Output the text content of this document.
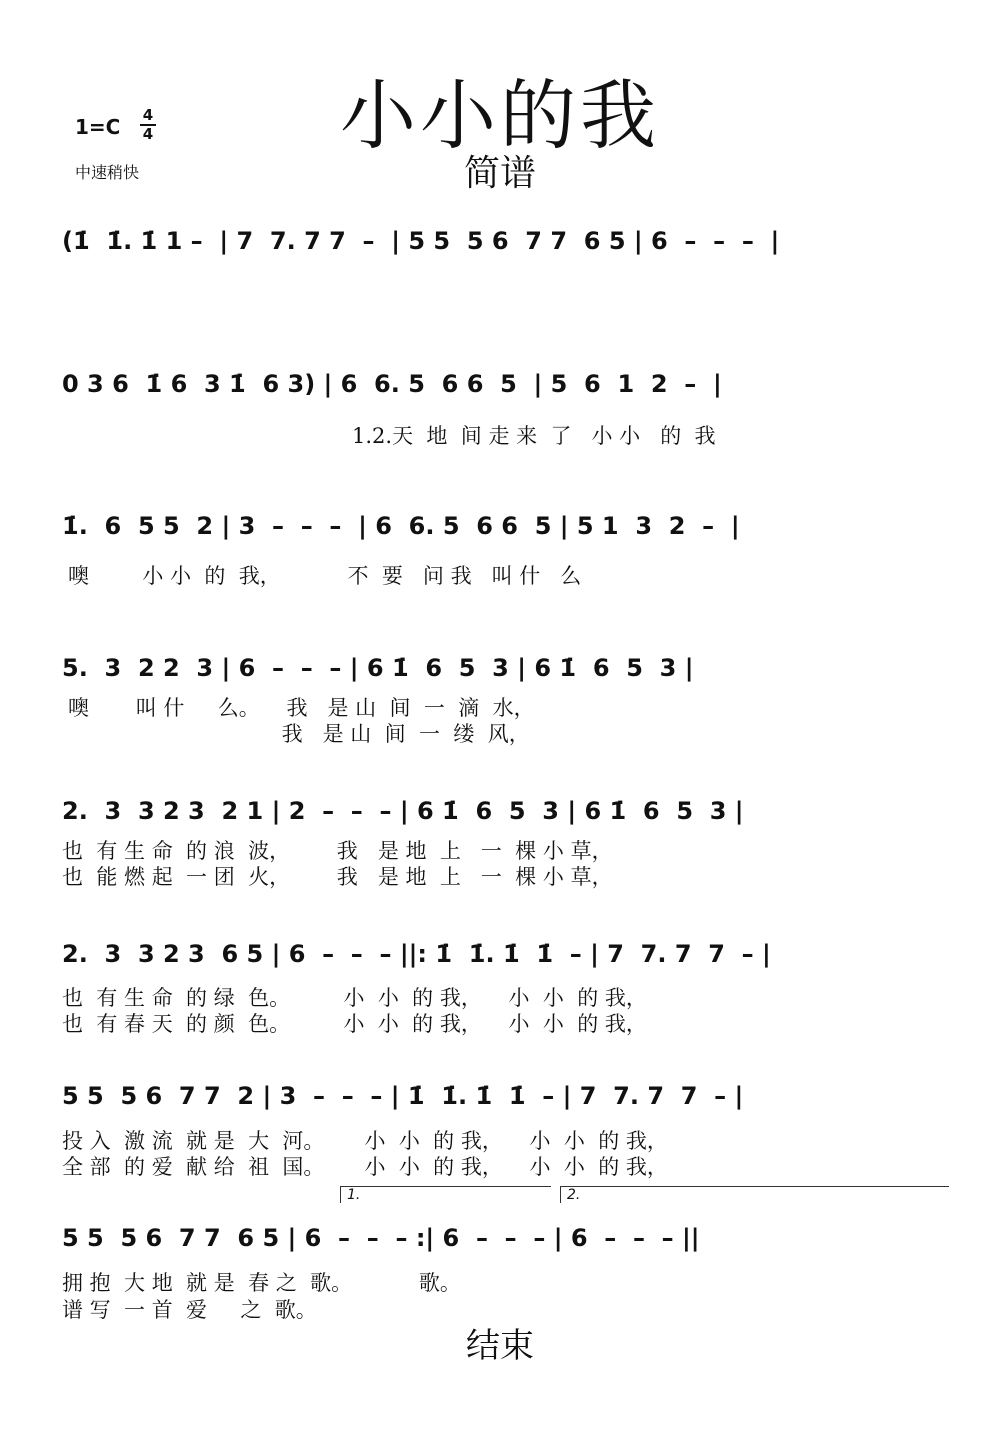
小小的我
简谱
1=C 4
4
中速稍快
(1̇  1̇. 1̇ 1 –  | 7  7. 7 7  –  | 5 5  5 6  7 7  6 5 | 6  –  –  –  |
0 3 6  1̇ 6  3 1̇  6 3) | 6  6. 5  6 6  5  | 5  6  1  2  –  |
1.2.天  地  间 走 来  了   小 小   的  我
1̇.  6  5 5  2 | 3  –  –  –  | 6  6. 5  6 6  5 | 5 1  3  2  –  |
噢        小 小  的  我，          不  要   问 我   叫 什   么
5.  3  2 2  3 | 6  –  –  – | 6 1̇  6  5  3 | 6 1̇  6  5  3 |
噢       叫 什     么。    我   是 山  间  一  滴  水，
我   是 山  间  一  缕  风，
2.  3  3 2 3  2 1 | 2  –  –  – | 6 1̇  6  5  3 | 6 1̇  6  5  3 |
也  有 生 命  的 浪  波，       我   是 地  上   一  棵 小 草，
也  能 燃 起  一 团  火，       我   是 地  上   一  棵 小 草，
2.  3  3 2 3  6 5 | 6  –  –  – ||: 1̇  1̇. 1̇  1̇  – | 7  7. 7  7  – |
也  有 生 命  的 绿  色。        小  小  的 我，    小  小  的 我，
也  有 春 天  的 颜  色。        小  小  的 我，    小  小  的 我，
5 5  5 6  7 7  2 | 3  –  –  – | 1̇  1̇. 1̇  1̇  – | 7  7. 7  7  – |
投 入  激 流  就 是  大  河。      小  小  的 我，    小  小  的 我，
全 部  的 爱  献 给  祖  国。      小  小  的 我，    小  小  的 我，
1.	2.
5 5  5 6  7 7  6 5 | 6  –  –  – :| 6  –  –  – | 6  –  –  – ||
拥 抱  大 地  就 是  春 之  歌。          歌。
谱 写  一 首  爱     之  歌。
结束
